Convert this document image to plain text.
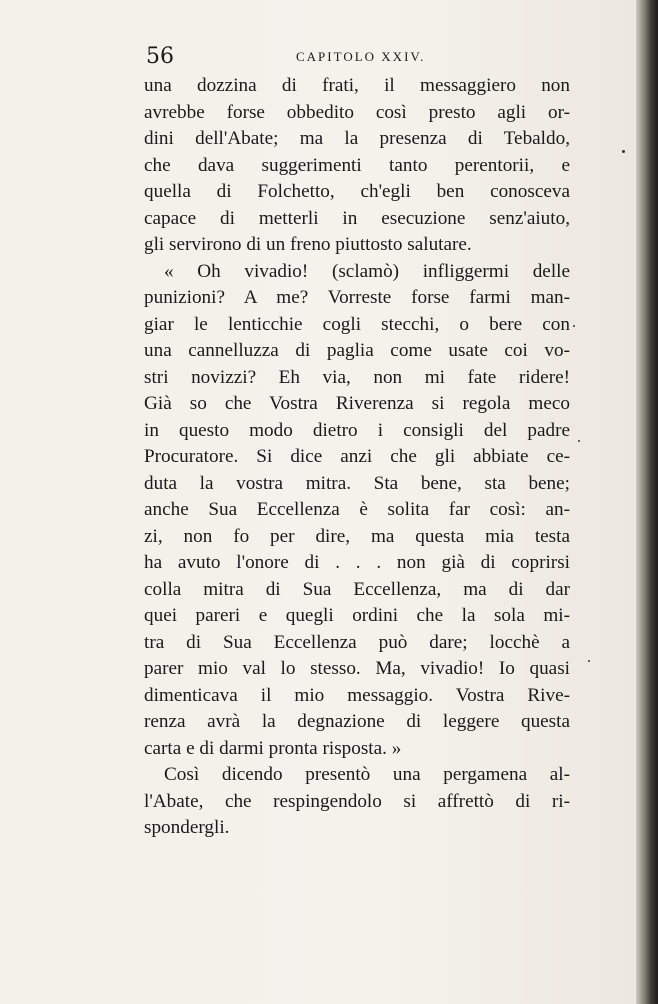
56	CAPITOLO XXIV.
una dozzina di frati, il messaggiero non
avrebbe forse obbedito così presto agli or-
dini dell'Abate; ma la presenza di Tebaldo,
che dava suggerimenti tanto perentorii, e
quella di Folchetto, ch'egli ben conosceva
capace di metterli in esecuzione senz'aiuto,
gli servirono di un freno piuttosto salutare.
« Oh vivadio! (sclamò) infliggermi delle
punizioni? A me? Vorreste forse farmi man-
giar le lenticchie cogli stecchi, o bere con
una cannelluzza di paglia come usate coi vo-
stri novizzi? Eh via, non mi fate ridere!
Già so che Vostra Riverenza si regola meco
in questo modo dietro i consigli del padre
Procuratore. Si dice anzi che gli abbiate ce-
duta la vostra mitra. Sta bene, sta bene;
anche Sua Eccellenza è solita far così: an-
zi, non fo per dire, ma questa mia testa
ha avuto l'onore di . . . non già di coprirsi
colla mitra di Sua Eccellenza, ma di dar
quei pareri e quegli ordini che la sola mi-
tra di Sua Eccellenza può dare; locchè a
parer mio val lo stesso. Ma, vivadio! Io quasi
dimenticava il mio messaggio. Vostra Rive-
renza avrà la degnazione di leggere questa
carta e di darmi pronta risposta. »
Così dicendo presentò una pergamena al-
l'Abate, che respingendolo si affrettò di ri-
spondergli.
